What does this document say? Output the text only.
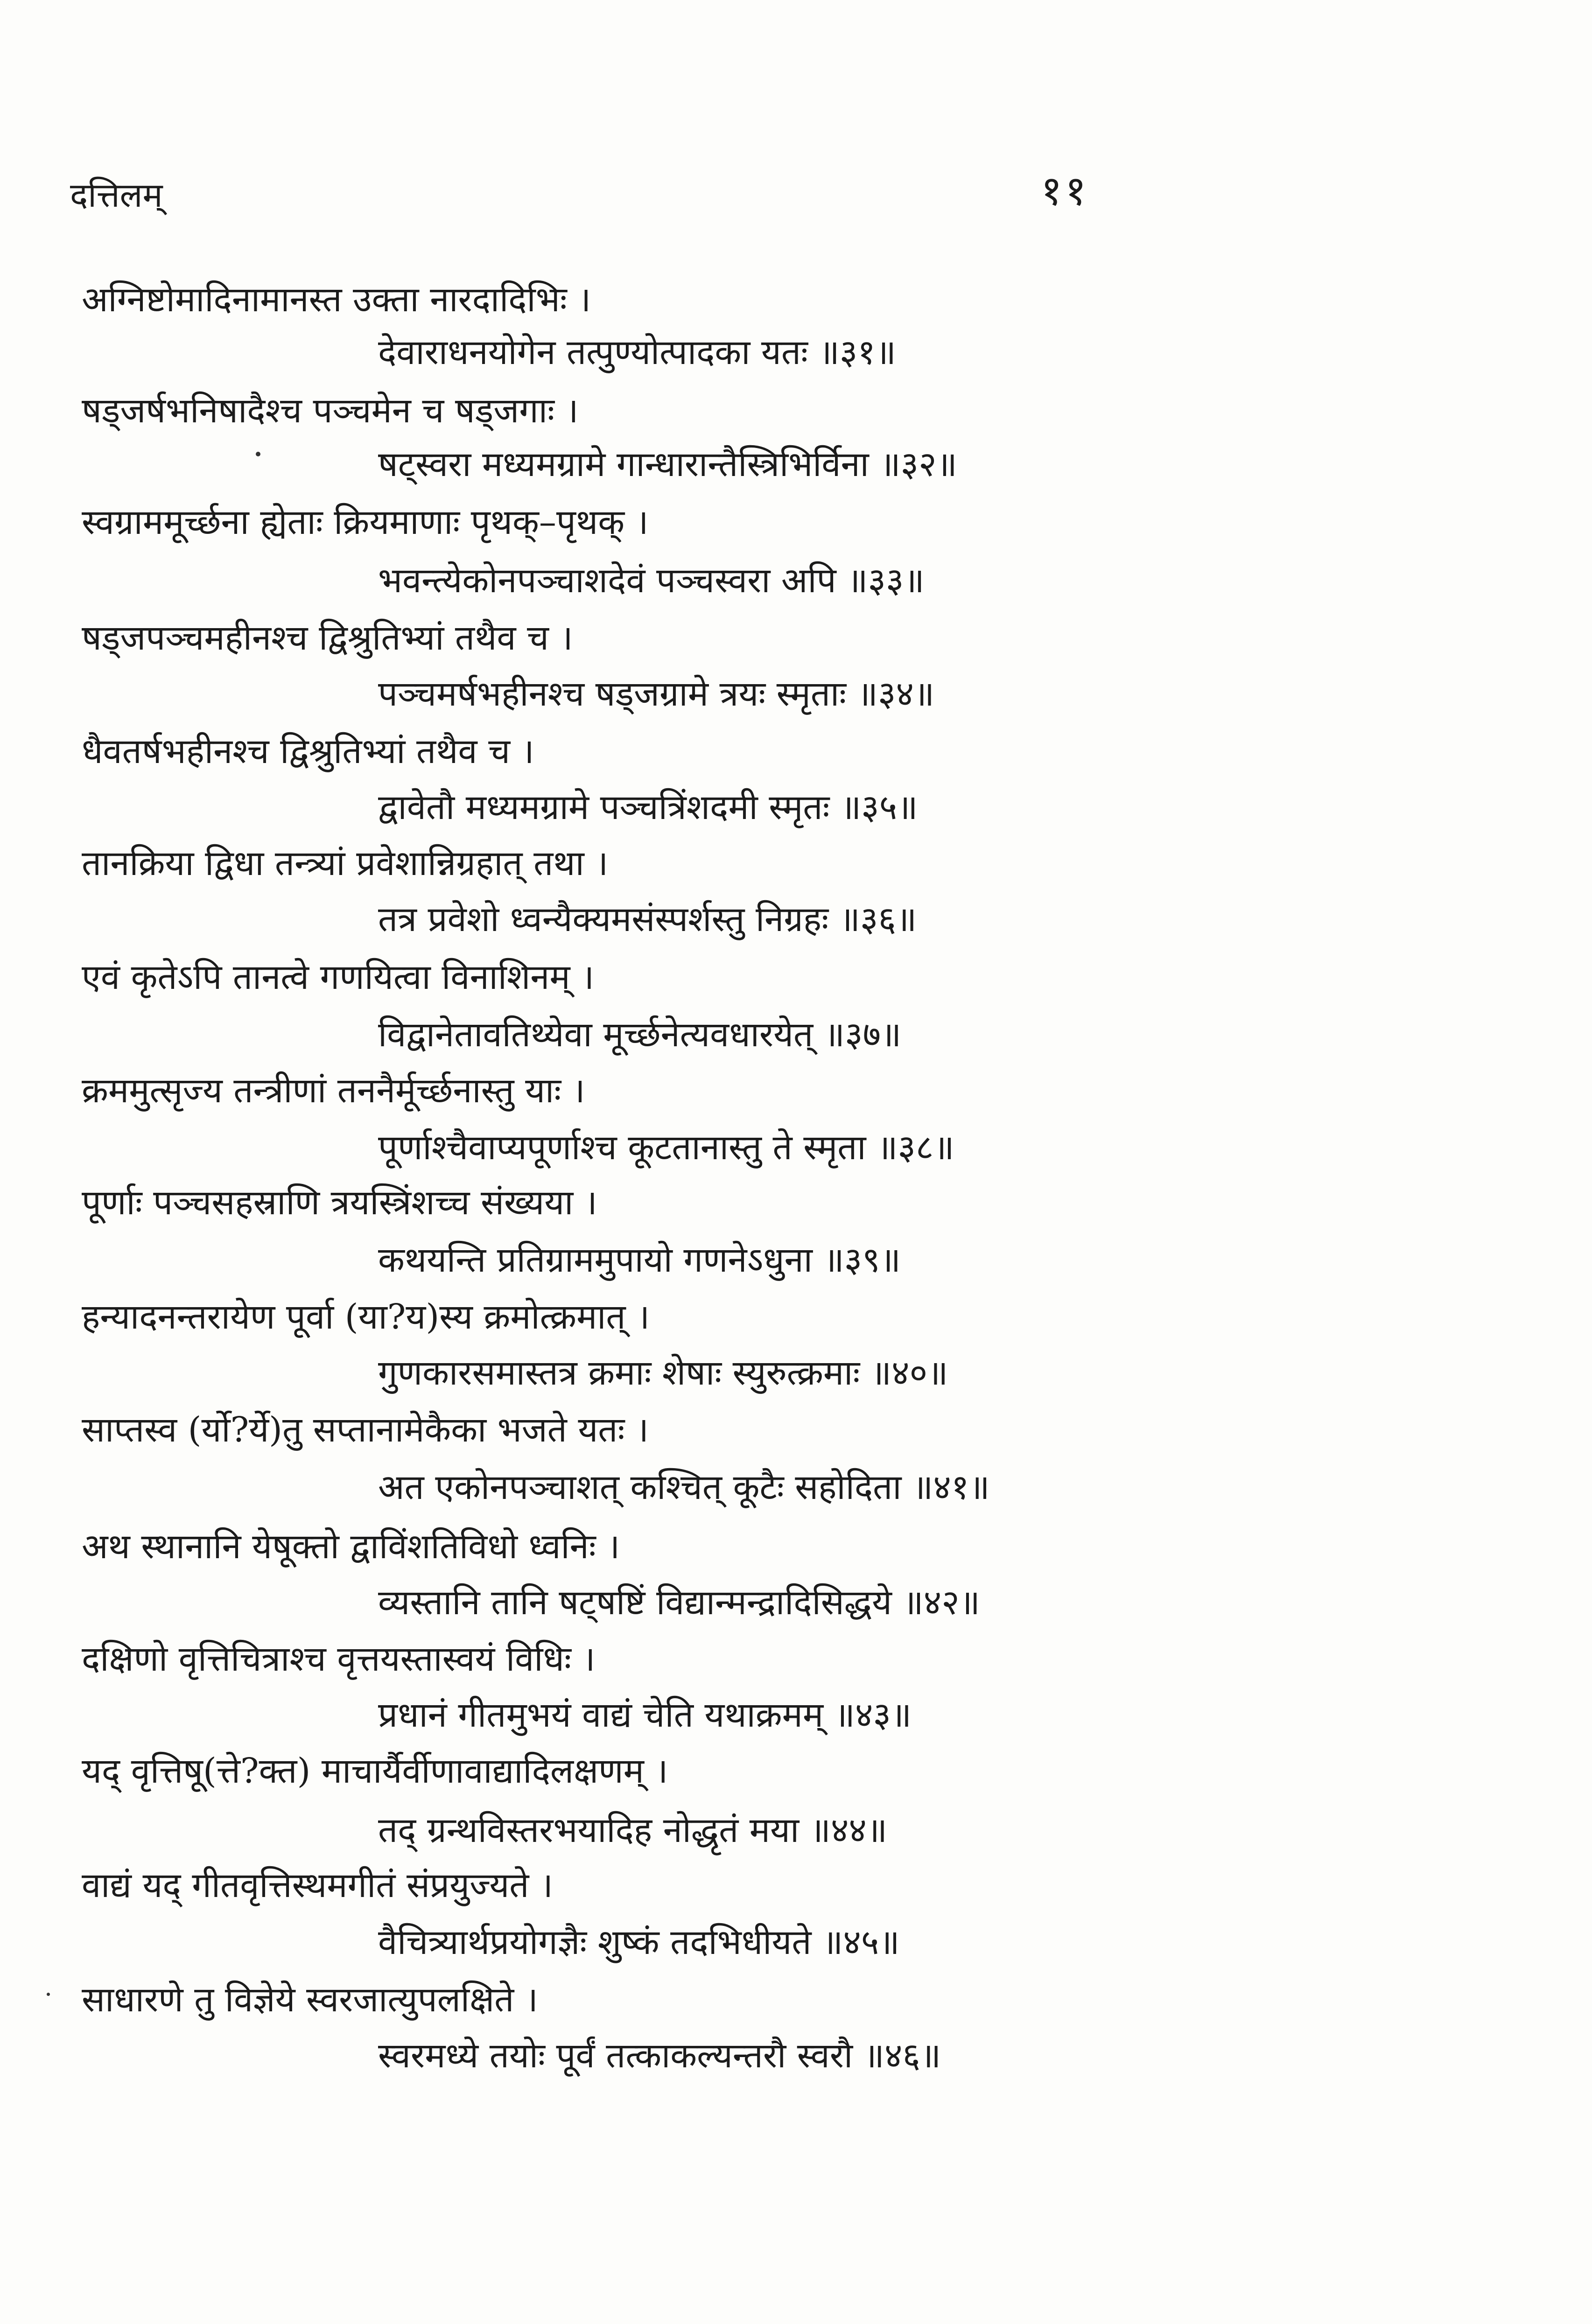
दत्तिलम्	११
अग्निष्टोमादिनामानस्त उक्ता नारदादिभिः ।
देवाराधनयोगेन तत्पुण्योत्पादका यतः ॥३१॥
षड्जर्षभनिषादैश्च पञ्चमेन च षड्जगाः ।
षट्स्वरा मध्यमग्रामे गान्धारान्तैस्त्रिभिर्विना ॥३२॥
स्वग्राममूर्च्छना ह्येताः क्रियमाणाः पृथक्–पृथक् ।
भवन्त्येकोनपञ्चाशदेवं पञ्चस्वरा अपि ॥३३॥
षड्जपञ्चमहीनश्च द्विश्रुतिभ्यां तथैव च ।
पञ्चमर्षभहीनश्च षड्जग्रामे त्रयः स्मृताः ॥३४॥
धैवतर्षभहीनश्च द्विश्रुतिभ्यां तथैव च ।
द्वावेतौ मध्यमग्रामे पञ्चत्रिंशदमी स्मृतः ॥३५॥
तानक्रिया द्विधा तन्त्र्यां प्रवेशान्निग्रहात् तथा ।
तत्र प्रवेशो ध्वन्यैक्यमसंस्पर्शस्तु निग्रहः ॥३६॥
एवं कृतेऽपि तानत्वे गणयित्वा विनाशिनम् ।
विद्वानेतावतिथ्येवा मूर्च्छनेत्यवधारयेत् ॥३७॥
क्रममुत्सृज्य तन्त्रीणां तननैर्मूर्च्छनास्तु याः ।
पूर्णाश्चैवाप्यपूर्णाश्च कूटतानास्तु ते स्मृता ॥३८॥
पूर्णाः पञ्चसहस्राणि त्रयस्त्रिंशच्च संख्यया ।
कथयन्ति प्रतिग्राममुपायो गणनेऽधुना ॥३९॥
हन्यादनन्तरायेण पूर्वा (या?य)स्य क्रमोत्क्रमात् ।
गुणकारसमास्तत्र क्रमाः शेषाः स्युरुत्क्रमाः ॥४०॥
साप्तस्व (र्यो?र्ये)तु सप्तानामेकैका भजते यतः ।
अत एकोनपञ्चाशत् कश्चित् कूटैः सहोदिता ॥४१॥
अथ स्थानानि येषूक्तो द्वाविंशतिविधो ध्वनिः ।
व्यस्तानि तानि षट्षष्टिं विद्यान्मन्द्रादिसिद्धये ॥४२॥
दक्षिणो वृत्तिचित्राश्च वृत्तयस्तास्वयं विधिः ।
प्रधानं गीतमुभयं वाद्यं चेति यथाक्रमम् ॥४३॥
यद् वृत्तिषू(त्ते?क्त) माचार्यैर्वीणावाद्यादिलक्षणम् ।
तद् ग्रन्थविस्तरभयादिह नोद्धृतं मया ॥४४॥
वाद्यं यद् गीतवृत्तिस्थमगीतं संप्रयुज्यते ।
वैचित्र्यार्थप्रयोगज्ञैः शुष्कं तदभिधीयते ॥४५॥
साधारणे तु विज्ञेये स्वरजात्युपलक्षिते ।
स्वरमध्ये तयोः पूर्वं तत्काकल्यन्तरौ स्वरौ ॥४६॥
